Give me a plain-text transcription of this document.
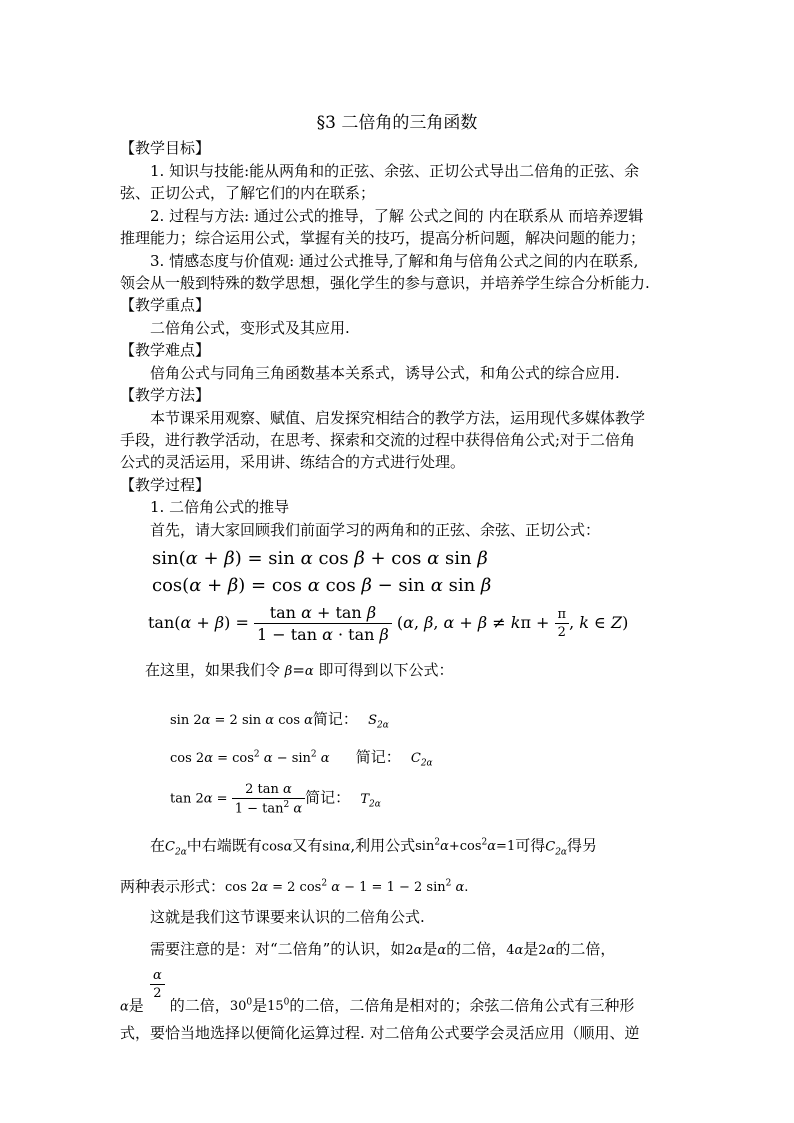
§3 二倍角的三角函数
【教学目标】
1. 知识与技能:能从两角和的正弦、余弦、正切公式导出二倍角的正弦、余
弦、正切公式，了解它们的内在联系；
2. 过程与方法: 通过公式的推导，了解 公式之间的 内在联系从 而培养逻辑
推理能力；综合运用公式，掌握有关的技巧，提高分析问题，解决问题的能力；
3. 情感态度与价值观: 通过公式推导,了解和角与倍角公式之间的内在联系,
领会从一般到特殊的数学思想，强化学生的参与意识，并培养学生综合分析能力.
【教学重点】
二倍角公式，变形式及其应用.
【教学难点】
倍角公式与同角三角函数基本关系式，诱导公式，和角公式的综合应用.
【教学方法】
本节课采用观察、赋值、启发探究相结合的教学方法，运用现代多媒体教学
手段，进行教学活动，在思考、探索和交流的过程中获得倍角公式;对于二倍角
公式的灵活运用，采用讲、练结合的方式进行处理。
【教学过程】
1. 二倍角公式的推导
首先，请大家回顾我们前面学习的两角和的正弦、余弦、正切公式：
sin(α + β) = sin α cos β + cos α sin β
cos(α + β) = cos α cos β − sin α sin β
$\tan(\alpha + \beta) = \frac{\text{tan α + tan β}}{\text{1 − tan α · tan β}} (\alpha$, β, $\alpha + \beta \ne k\pi + \frac{\pi}{2}$ , k ∈ Z)
在这里，如果我们令 β=α 即可得到以下公式：
sin 2α = 2 sin α cos α简记： $S_{2\alpha}$
$\cos 2\alpha = \cos^2 \alpha - \sin^2 \alpha$ 简记： $C_{2\alpha}$
$\tan 2\alpha = \frac{\text{2 tan α}}{1 - \tan^2 \alpha}$ 简记： $T_{2\alpha}$
在$C_{2\alpha}$中右端既有cosα又有sinα,利用公式$\sin^2\alpha+\cos^2\alpha=1$可得$C_{2\alpha}$得另
两种表示形式：cos 2α = 2 $\cos^2 \alpha - 1 = 1 - 2$ $\sin^2 \alpha$.
这就是我们这节课要来认识的二倍角公式.
需要注意的是：对“二倍角”的认识，如2α是α的二倍，4α是2α的二倍，
$\frac{\alpha}{2}$
α是 的二倍，$30^0$是$15^0$的二倍，二倍角是相对的；余弦二倍角公式有三种形
式，要恰当地选择以便简化运算过程. 对二倍角公式要学会灵活应用（顺用、逆
